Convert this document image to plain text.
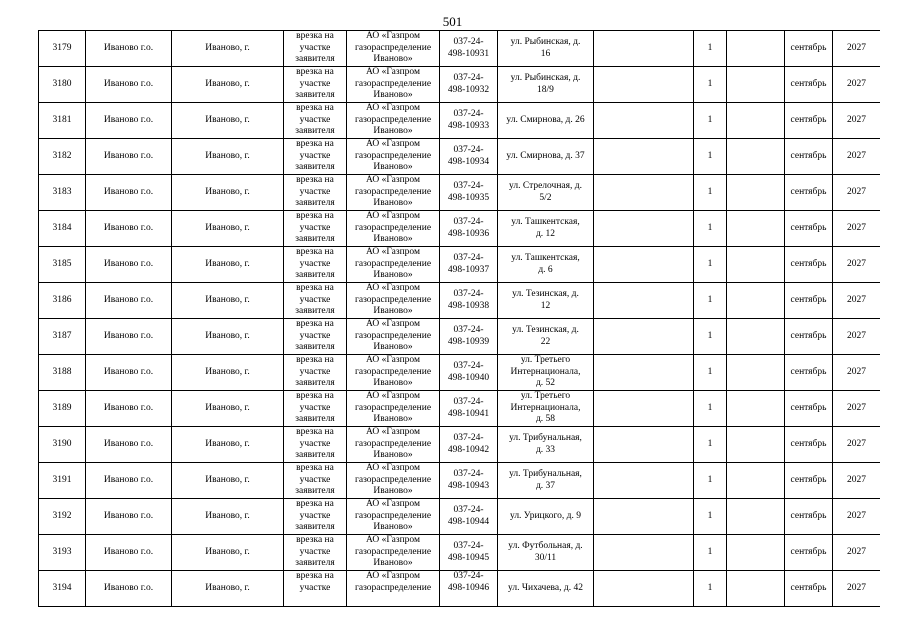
501
3179	Иваново г.о.	Иваново, г.	врезка на
участке
заявителя	АО «Газпром
газораспределение
Иваново»	037-24-
498-10931	ул. Рыбинская, д.
16		1		сентябрь	2027
3180	Иваново г.о.	Иваново, г.	врезка на
участке
заявителя	АО «Газпром
газораспределение
Иваново»	037-24-
498-10932	ул. Рыбинская, д.
18/9		1		сентябрь	2027
3181	Иваново г.о.	Иваново, г.	врезка на
участке
заявителя	АО «Газпром
газораспределение
Иваново»	037-24-
498-10933	ул. Смирнова, д. 26		1		сентябрь	2027
3182	Иваново г.о.	Иваново, г.	врезка на
участке
заявителя	АО «Газпром
газораспределение
Иваново»	037-24-
498-10934	ул. Смирнова, д. 37		1		сентябрь	2027
3183	Иваново г.о.	Иваново, г.	врезка на
участке
заявителя	АО «Газпром
газораспределение
Иваново»	037-24-
498-10935	ул. Стрелочная, д.
5/2		1		сентябрь	2027
3184	Иваново г.о.	Иваново, г.	врезка на
участке
заявителя	АО «Газпром
газораспределение
Иваново»	037-24-
498-10936	ул. Ташкентская,
д. 12		1		сентябрь	2027
3185	Иваново г.о.	Иваново, г.	врезка на
участке
заявителя	АО «Газпром
газораспределение
Иваново»	037-24-
498-10937	ул. Ташкентская,
д. 6		1		сентябрь	2027
3186	Иваново г.о.	Иваново, г.	врезка на
участке
заявителя	АО «Газпром
газораспределение
Иваново»	037-24-
498-10938	ул. Тезинская, д.
12		1		сентябрь	2027
3187	Иваново г.о.	Иваново, г.	врезка на
участке
заявителя	АО «Газпром
газораспределение
Иваново»	037-24-
498-10939	ул. Тезинская, д.
22		1		сентябрь	2027
3188	Иваново г.о.	Иваново, г.	врезка на
участке
заявителя	АО «Газпром
газораспределение
Иваново»	037-24-
498-10940	ул. Третьего
Интернационала,
д. 52		1		сентябрь	2027
3189	Иваново г.о.	Иваново, г.	врезка на
участке
заявителя	АО «Газпром
газораспределение
Иваново»	037-24-
498-10941	ул. Третьего
Интернационала,
д. 58		1		сентябрь	2027
3190	Иваново г.о.	Иваново, г.	врезка на
участке
заявителя	АО «Газпром
газораспределение
Иваново»	037-24-
498-10942	ул. Трибунальная,
д. 33		1		сентябрь	2027
3191	Иваново г.о.	Иваново, г.	врезка на
участке
заявителя	АО «Газпром
газораспределение
Иваново»	037-24-
498-10943	ул. Трибунальная,
д. 37		1		сентябрь	2027
3192	Иваново г.о.	Иваново, г.	врезка на
участке
заявителя	АО «Газпром
газораспределение
Иваново»	037-24-
498-10944	ул. Урицкого, д. 9		1		сентябрь	2027
3193	Иваново г.о.	Иваново, г.	врезка на
участке
заявителя	АО «Газпром
газораспределение
Иваново»	037-24-
498-10945	ул. Футбольная, д.
30/11		1		сентябрь	2027
3194	Иваново г.о.	Иваново, г.	врезка на
участке	АО «Газпром
газораспределение	037-24-
498-10946	ул. Чихачева, д. 42		1		сентябрь	2027
